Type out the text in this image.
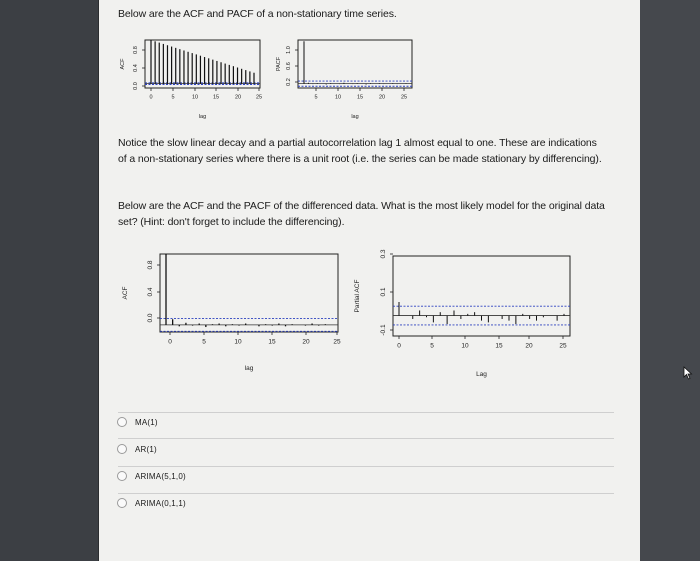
Below are the ACF and PACF of a non-stationary time series.
0.0
0.4
0.8
0	5	10	15	20	25
ACF
lag
0.2
0.6
1.0
5	10	15	20	25
PACF
lag
Notice the slow linear decay and a partial autocorrelation lag 1 almost equal to one. These are indications of a non-stationary series where there is a unit root (i.e. the series can be made stationary by differencing).
Below are the ACF and the PACF of the differenced data. What is the most likely model for the original data set? (Hint: don't forget to include the differencing).
0.0
0.4
0.8
0	5	10	15	20	25
ACF
lag
-0.1
0.1
0.3
0	5	10	15	20	25
Partial ACF
Lag
MA(1)
AR(1)
ARIMA(5,1,0)
ARIMA(0,1,1)
